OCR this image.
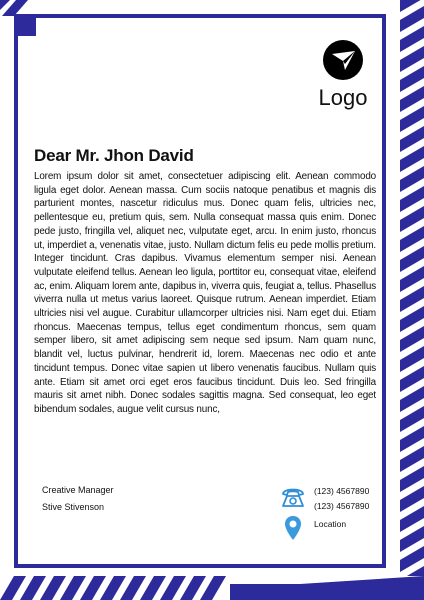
Logo
Dear Mr. Jhon David
Lorem ipsum dolor sit amet, consectetuer adipiscing elit. Aenean commodo ligula eget dolor. Aenean massa. Cum sociis natoque penatibus et magnis dis parturient montes, nascetur ridiculus mus. Donec quam felis, ultricies nec, pellentesque eu, pretium quis, sem. Nulla consequat massa quis enim. Donec pede justo, fringilla vel, aliquet nec, vulputate eget, arcu. In enim justo, rhoncus ut, imperdiet a, venenatis vitae, justo. Nullam dictum felis eu pede mollis pretium. Integer tincidunt. Cras dapibus. Vivamus elementum semper nisi. Aenean vulputate eleifend tellus. Aenean leo ligula, porttitor eu, consequat vitae, eleifend ac, enim. Aliquam lorem ante, dapibus in, viverra quis, feugiat a, tellus. Phasellus viverra nulla ut metus varius laoreet. Quisque rutrum. Aenean imperdiet. Etiam ultricies nisi vel augue. Curabitur ullamcorper ultricies nisi. Nam eget dui. Etiam rhoncus. Maecenas tempus, tellus eget condimentum rhoncus, sem quam semper libero, sit amet adipiscing sem neque sed ipsum. Nam quam nunc, blandit vel, luctus pulvinar, hendrerit id, lorem. Maecenas nec odio et ante tincidunt tempus. Donec vitae sapien ut libero venenatis faucibus. Nullam quis ante. Etiam sit amet orci eget eros faucibus tincidunt. Duis leo. Sed fringilla mauris sit amet nibh. Donec sodales sagittis magna. Sed consequat, leo eget bibendum sodales, augue velit cursus nunc,
Creative Manager
Stive Stivenson
(123) 4567890
(123) 4567890
Location
